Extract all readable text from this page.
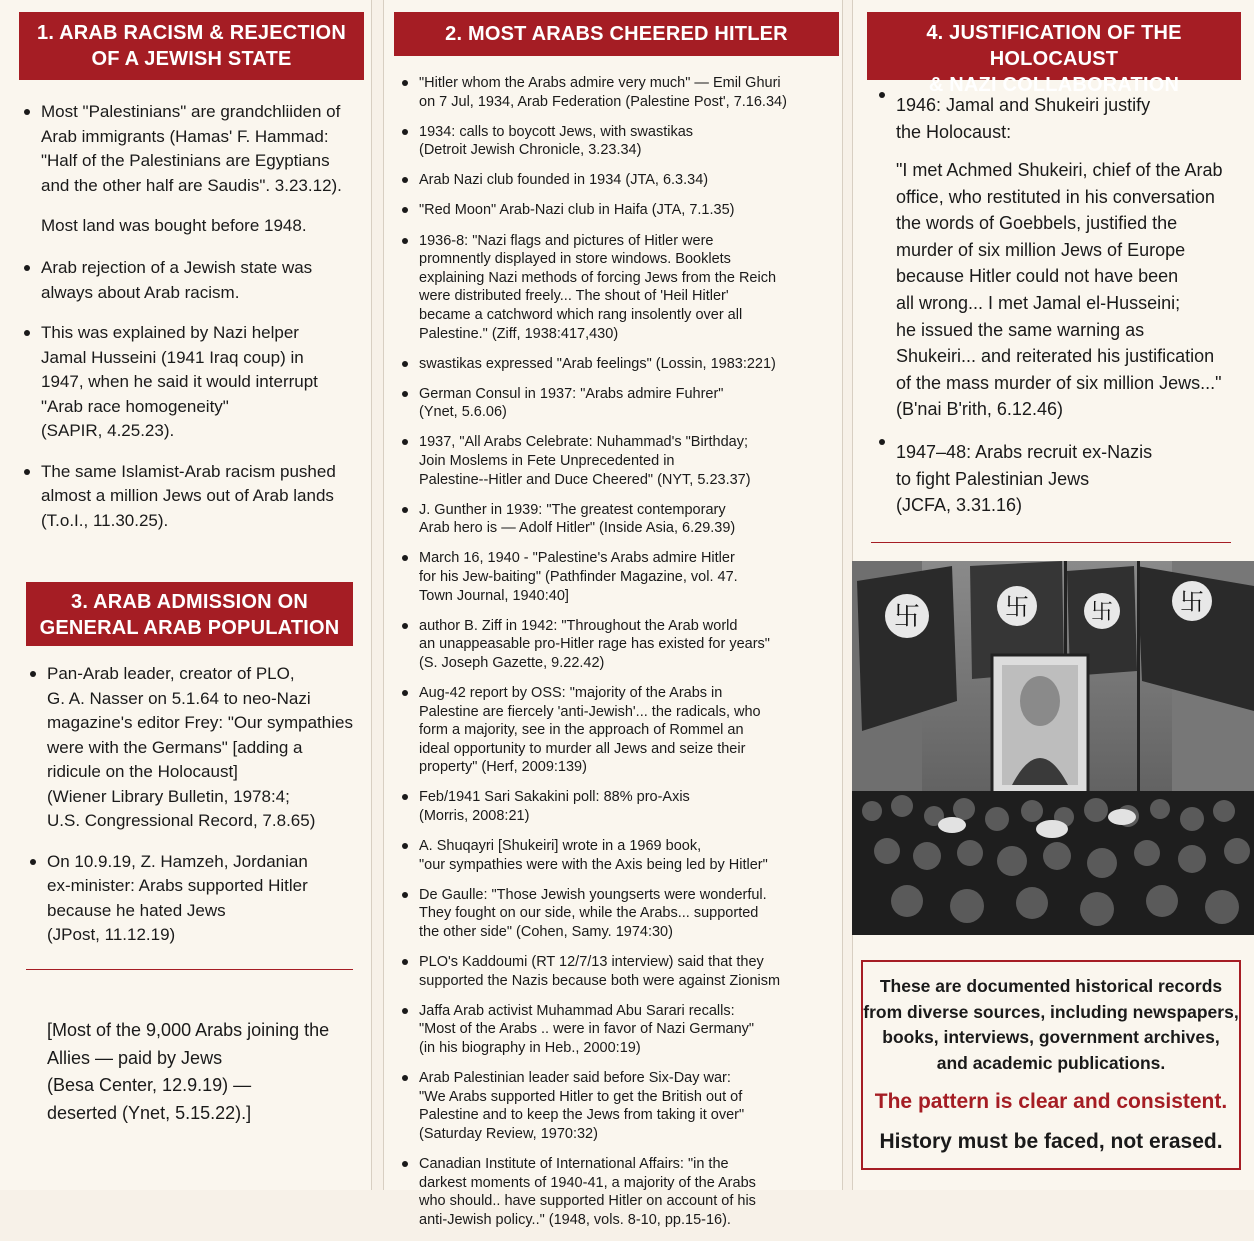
1. ARAB RACISM & REJECTION
OF A JEWISH STATE
Most "Palestinians" are grandchliiden of
Arab immigrants (Hamas' F. Hammad:
"Half of the Palestinians are Egyptians
and the other half are Saudis". 3.23.12).
Most land was bought before 1948.
Arab rejection of a Jewish state was
always about Arab racism.
This was explained by Nazi helper
Jamal Husseini (1941 Iraq coup) in
1947, when he said it would interrupt
"Arab race homogeneity"
(SAPIR, 4.25.23).
The same Islamist-Arab racism pushed
almost a million Jews out of Arab lands
(T.o.I., 11.30.25).
3. ARAB ADMISSION ON
GENERAL ARAB POPULATION
Pan-Arab leader, creator of PLO,
G. A. Nasser on 5.1.64 to neo-Nazi
magazine's editor Frey: "Our sympathies
were with the Germans" [adding a
ridicule on the Holocaust]
(Wiener Library Bulletin, 1978:4;
U.S. Congressional Record, 7.8.65)
On 10.9.19, Z. Hamzeh, Jordanian
ex-minister: Arabs supported Hitler
because he hated Jews
(JPost, 11.12.19)
[Most of the 9,000 Arabs joining the
Allies — paid by Jews
(Besa Center, 12.9.19) —
deserted (Ynet, 5.15.22).]
2. MOST ARABS CHEERED HITLER
"Hitler whom the Arabs admire very much" — Emil Ghuri
on 7 Jul, 1934, Arab Federation (Palestine Post', 7.16.34)
1934: calls to boycott Jews, with swastikas
(Detroit Jewish Chronicle, 3.23.34)
Arab Nazi club founded in 1934 (JTA, 6.3.34)
"Red Moon" Arab-Nazi club in Haifa (JTA, 7.1.35)
1936-8: "Nazi flags and pictures of Hitler were
promnently displayed in store windows. Booklets
explaining Nazi methods of forcing Jews from the Reich
were distributed freely... The shout of 'Heil Hitler'
became a catchword which rang insolently over all
Palestine." (Ziff, 1938:417,430)
swastikas expressed "Arab feelings" (Lossin, 1983:221)
German Consul in 1937: "Arabs admire Fuhrer"
(Ynet, 5.6.06)
1937, "All Arabs Celebrate: Nuhammad's "Birthday;
Join Moslems in Fete Unprecedented in
Palestine--Hitler and Duce Cheered" (NYT, 5.23.37)
J. Gunther in 1939: "The greatest contemporary
Arab hero is — Adolf Hitler" (Inside Asia, 6.29.39)
March 16, 1940 - "Palestine's Arabs admire Hitler
for his Jew-baiting" (Pathfinder Magazine, vol. 47.
Town Journal, 1940:40]
author B. Ziff in 1942: "Throughout the Arab world
an unappeasable pro-Hitler rage has existed for years"
(S. Joseph Gazette, 9.22.42)
Aug-42 report by OSS: "majority of the Arabs in
Palestine are fiercely 'anti-Jewish'... the radicals, who
form a majority, see in the approach of Rommel an
ideal opportunity to murder all Jews and seize their
property" (Herf, 2009:139)
Feb/1941 Sari Sakakini poll: 88% pro-Axis
(Morris, 2008:21)
A. Shuqayri [Shukeiri] wrote in a 1969 book,
"our sympathies were with the Axis being led by Hitler"
De Gaulle: "Those Jewish youngserts were wonderful.
They fought on our side, while the Arabs... supported
the other side" (Cohen, Samy. 1974:30)
PLO's Kaddoumi (RT 12/7/13 interview) said that they
supported the Nazis because both were against Zionism
Jaffa Arab activist Muhammad Abu Sarari recalls:
"Most of the Arabs .. were in favor of Nazi Germany"
(in his biography in Heb., 2000:19)
Arab Palestinian leader said before Six-Day war:
"We Arabs supported Hitler to get the British out of
Palestine and to keep the Jews from taking it over"
(Saturday Review, 1970:32)
Canadian Institute of International Affairs: "in the
darkest moments of 1940-41, a majority of the Arabs
who should.. have supported Hitler on account of his
anti-Jewish policy.." (1948, vols. 8-10, pp.15-16).
4. JUSTIFICATION OF THE HOLOCAUST
& NAZI COLLABORATION
1946: Jamal and Shukeiri justify
the Holocaust:
"I met Achmed Shukeiri, chief of the Arab
office, who restituted in his conversation
the words of Goebbels, justified the
murder of six million Jews of Europe
because Hitler could not have been
all wrong... I met Jamal el-Husseini;
he issued the same warning as
Shukeiri... and reiterated his justification
of the mass murder of six million Jews..."
(B'nai B'rith, 6.12.46)
1947–48: Arabs recruit ex-Nazis
to fight Palestinian Jews
(JCFA, 3.31.16)
卐	卐	卐	卐
These are documented historical records
from diverse sources, including newspapers,
books, interviews, government archives,
and academic publications.
The pattern is clear and consistent.
History must be faced, not erased.
